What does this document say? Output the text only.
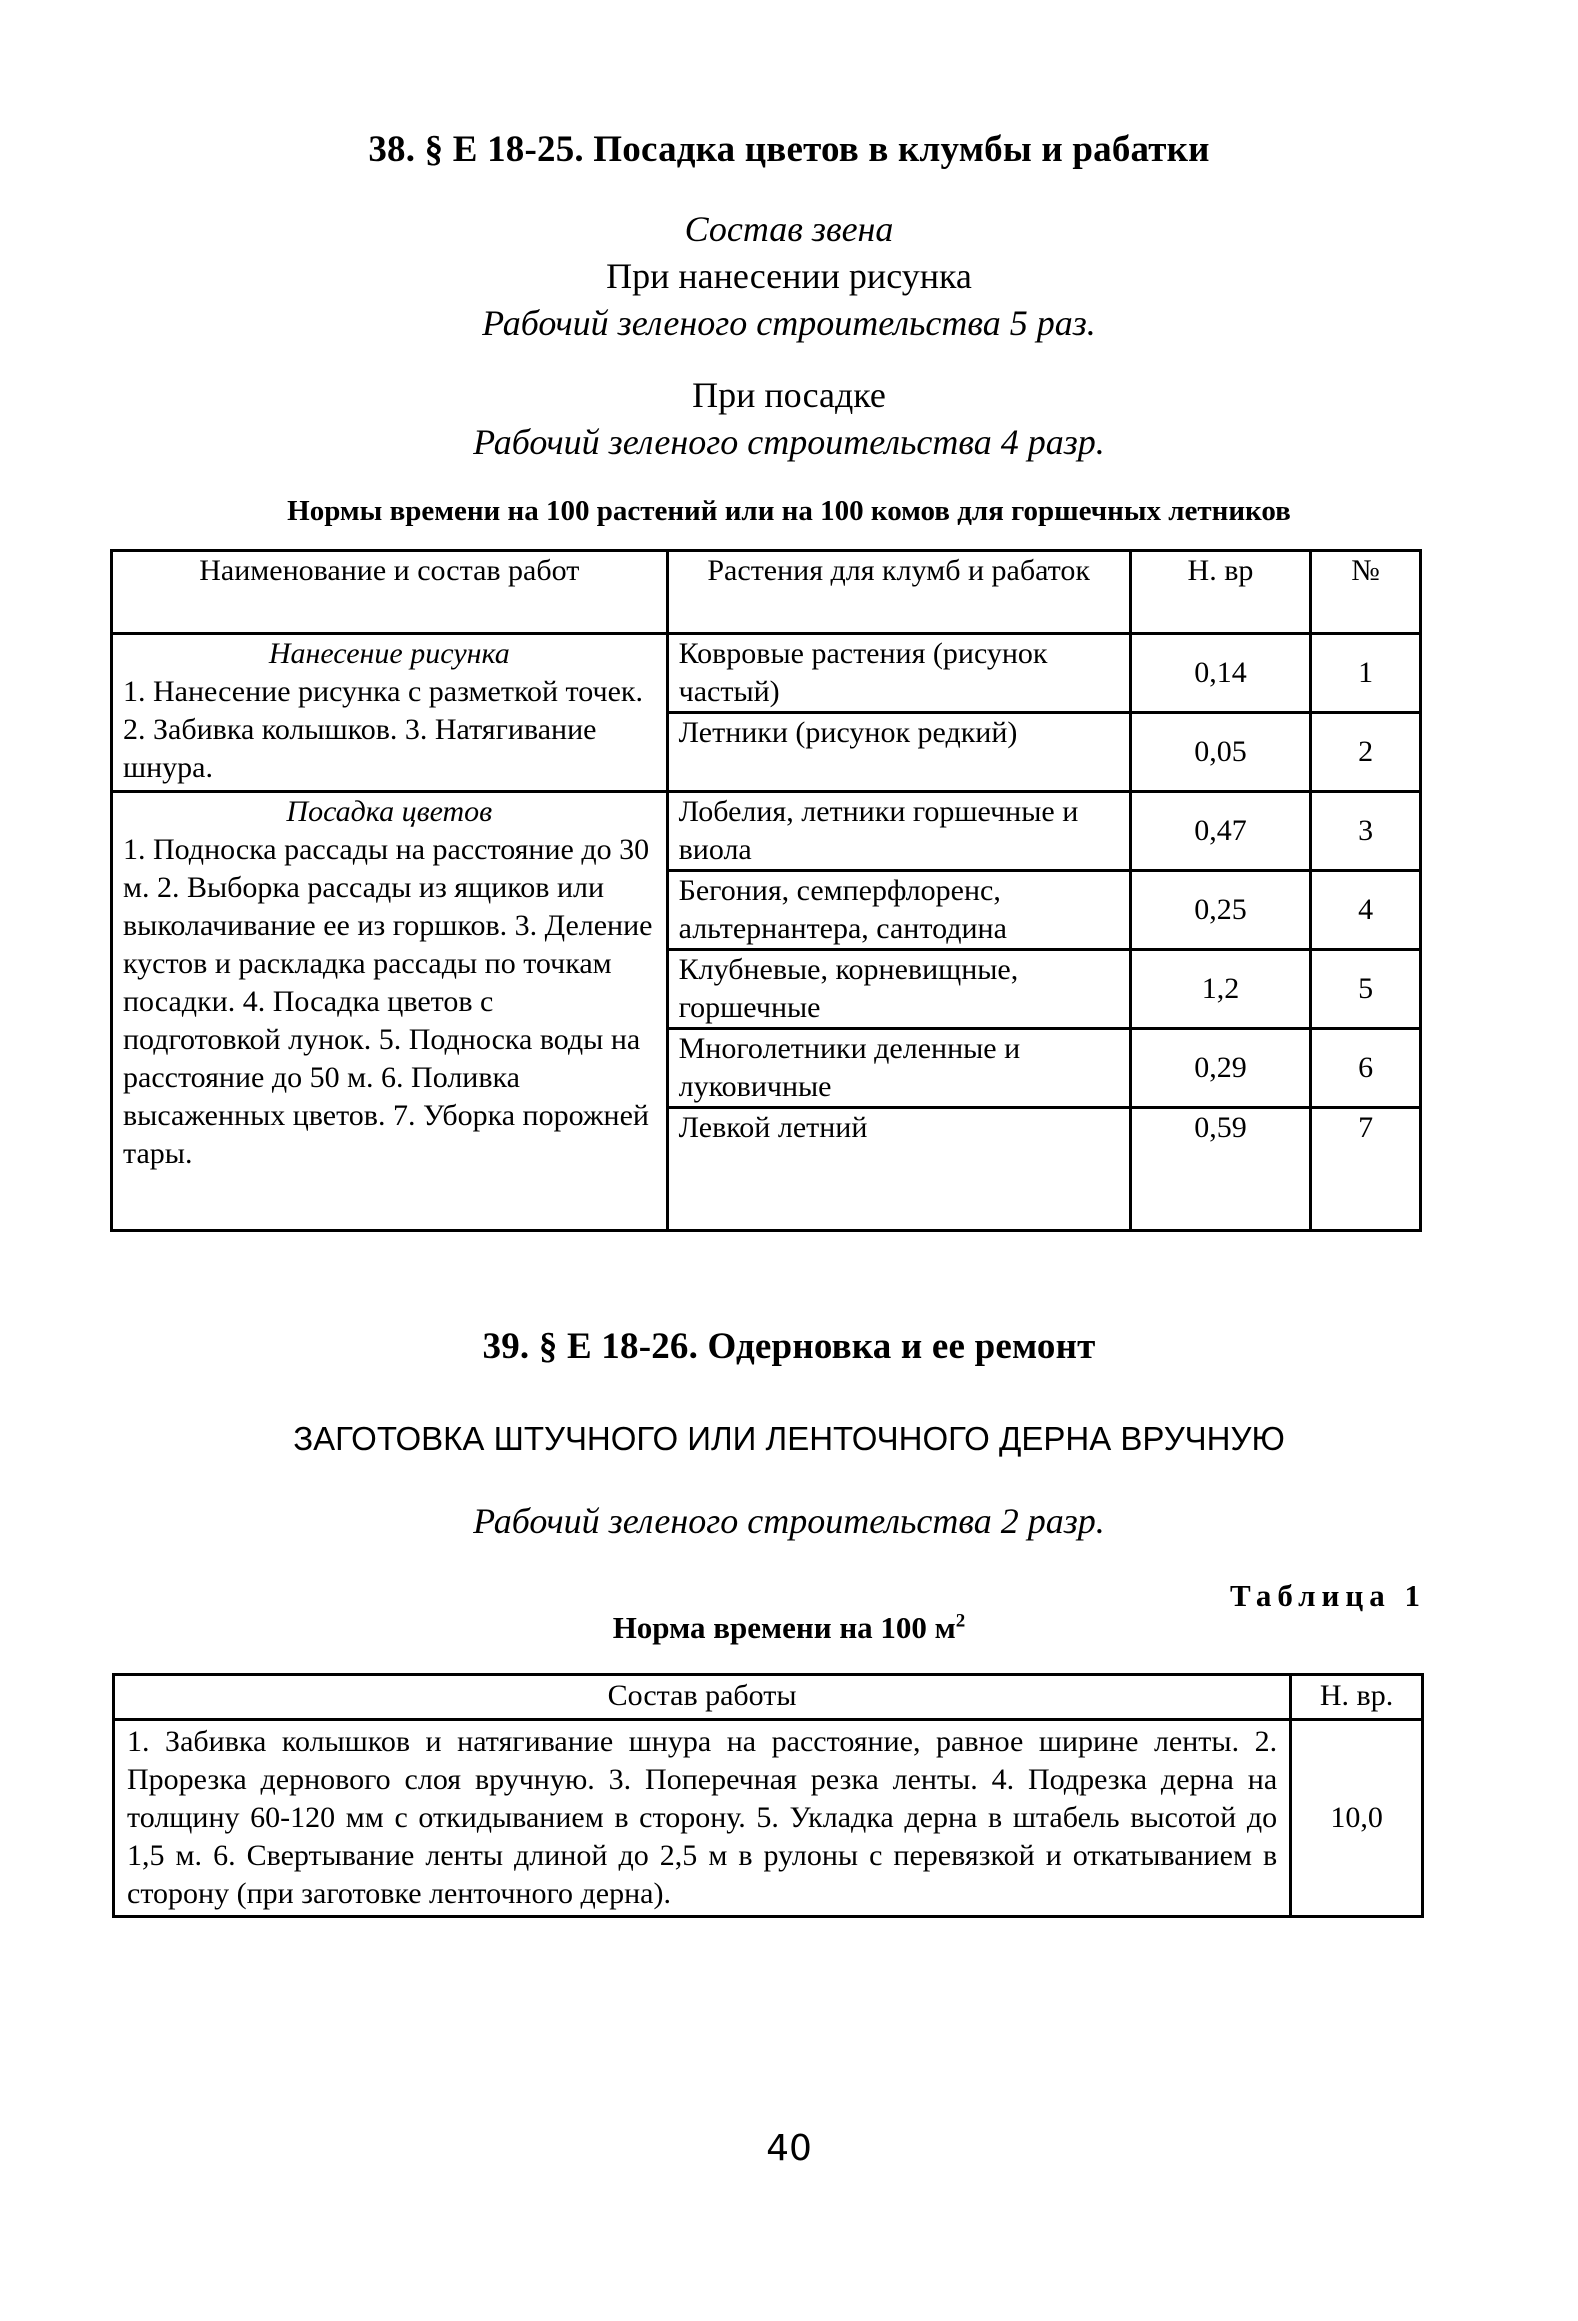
38. § Е 18-25. Посадка цветов в клумбы и рабатки
Состав звена
При нанесении рисунка
Рабочий зеленого строительства 5 раз.
При посадке
Рабочий зеленого строительства 4 разр.
Нормы времени на 100 растений или на 100 комов для горшечных летников
Наименование и состав работ	Растения для клумб и рабаток	Н. вр	№

Нанесение рисунка
1. Нанесение рисунка с разметкой точек. 2. Забивка колышков. 3. Натягивание шнура.	Ковровые растения (рисунок частый)	0,14	1
	Летники (рисунок редкий)	0,05	2

Посадка цветов
1. Подноска рассады на расстояние до 30 м. 2. Выборка рассады из ящиков или выколачивание ее из горшков. 3. Деление кустов и раскладка рассады по точкам посадки. 4. Посадка цветов с подготовкой лунок. 5. Подноска воды на расстояние до 50 м. 6. Поливка высаженных цветов. 7. Уборка порожней тары.	Лобелия, летники горшечные и виола	0,47	3
	Бегония, семперфлоренс, альтернантера, сантодина	0,25	4
	Клубневые, корневищные, горшечные	1,2	5
	Многолетники деленные и луковичные	0,29	6
	Левкой летний	0,59	7
39. § Е 18-26. Одерновка и ее ремонт
ЗАГОТОВКА ШТУЧНОГО ИЛИ ЛЕНТОЧНОГО ДЕРНА ВРУЧНУЮ
Рабочий зеленого строительства 2 разр.
Таблица 1
Норма времени на 100 $м^2$
Состав работы	Н. вр.
1. Забивка колышков и натягивание шнура на расстояние, равное ширине ленты. 2. Прорезка дернового слоя вручную. 3. Поперечная резка ленты. 4. Подрезка дерна на толщину 60-120 мм с откидыванием в сторону. 5. Укладка дерна в штабель высотой до 1,5 м. 6. Свертывание ленты длиной до 2,5 м в рулоны с перевязкой и откатыванием в сторону (при заготовке ленточного дерна).	10,0
40
